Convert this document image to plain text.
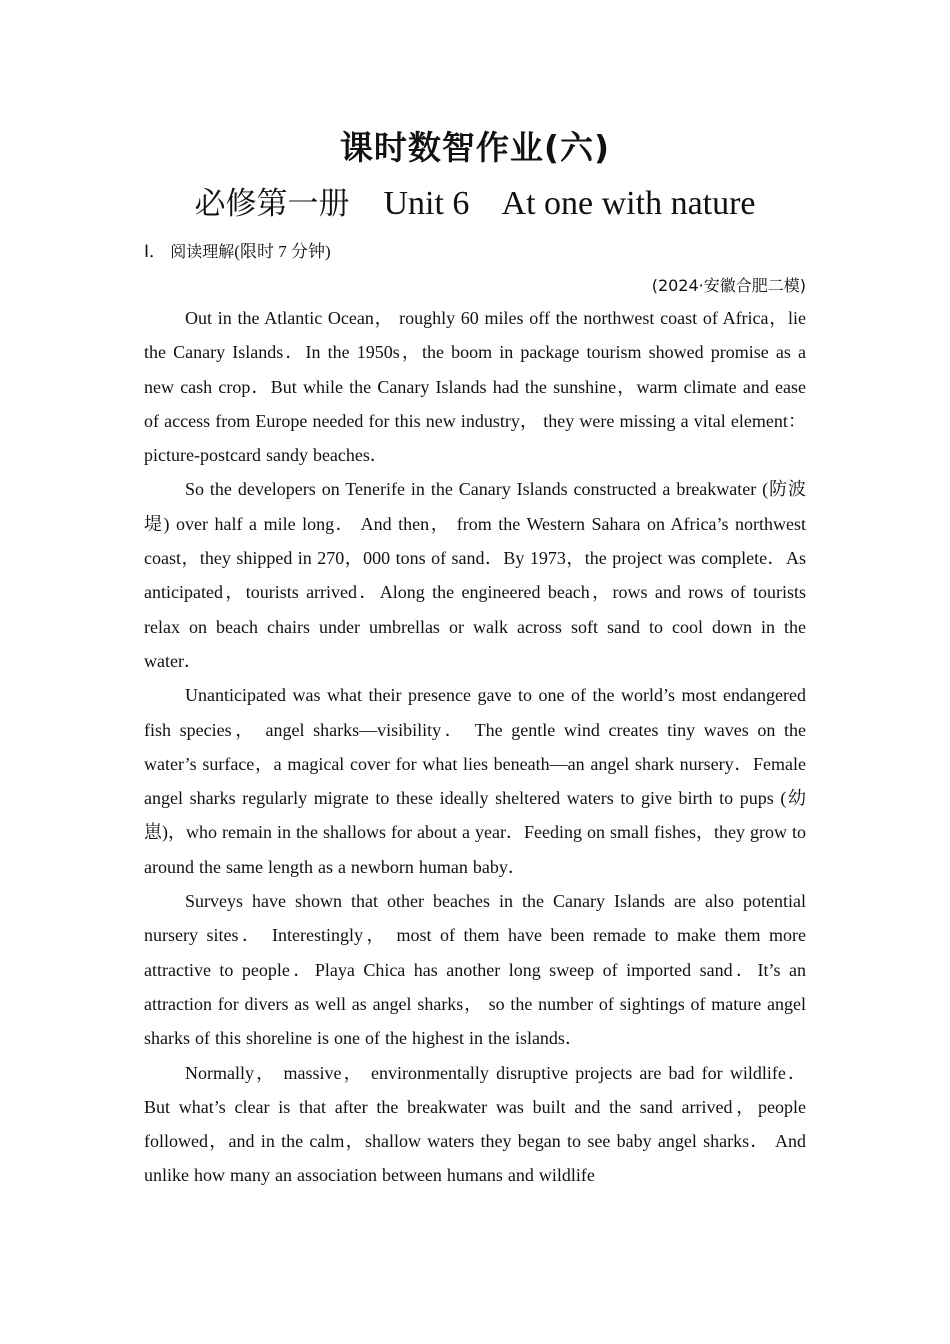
课时数智作业(六)
必修第一册 Unit 6 At one with nature
Ⅰ． 阅读理解(限时 7 分钟)
(2024·安徽合肥二模)

Out in the Atlantic Ocean， roughly 60 miles off the northwest coast of Africa，lie the Canary Islands．In the 1950s，the boom in package tourism showed promise as a new cash crop．But while the Canary Islands had the sunshine，warm climate and ease of access from Europe needed for this new industry， they were missing a vital element：picture-postcard sandy beaches．

So the developers on Tenerife in the Canary Islands constructed a breakwater (防波堤) over half a mile long． And then， from the Western Sahara on Africa’s northwest coast，they shipped in 270，000 tons of sand．By 1973，the project was complete．As anticipated，tourists arrived．Along the engineered beach，rows and rows of tourists relax on beach chairs under umbrellas or walk across soft sand to cool down in the water．

Unanticipated was what their presence gave to one of the world’s most endangered fish species， angel sharks—visibility． The gentle wind creates tiny waves on the water’s surface，a magical cover for what lies beneath—an angel shark nursery．Female angel sharks regularly migrate to these ideally sheltered waters to give birth to pups (幼崽)，who remain in the shallows for about a year．Feeding on small fishes，they grow to around the same length as a newborn human baby．

Surveys have shown that other beaches in the Canary Islands are also potential nursery sites． Interestingly， most of them have been remade to make them more attractive to people．Playa Chica has another long sweep of imported sand．It’s an attraction for divers as well as angel sharks， so the number of sightings of mature angel sharks of this shoreline is one of the highest in the islands．

Normally， massive， environmentally disruptive projects are bad for wildlife． But what’s clear is that after the breakwater was built and the sand arrived，people followed，and in the calm，shallow waters they began to see baby angel sharks． And unlike how many an association between humans and wildlife
